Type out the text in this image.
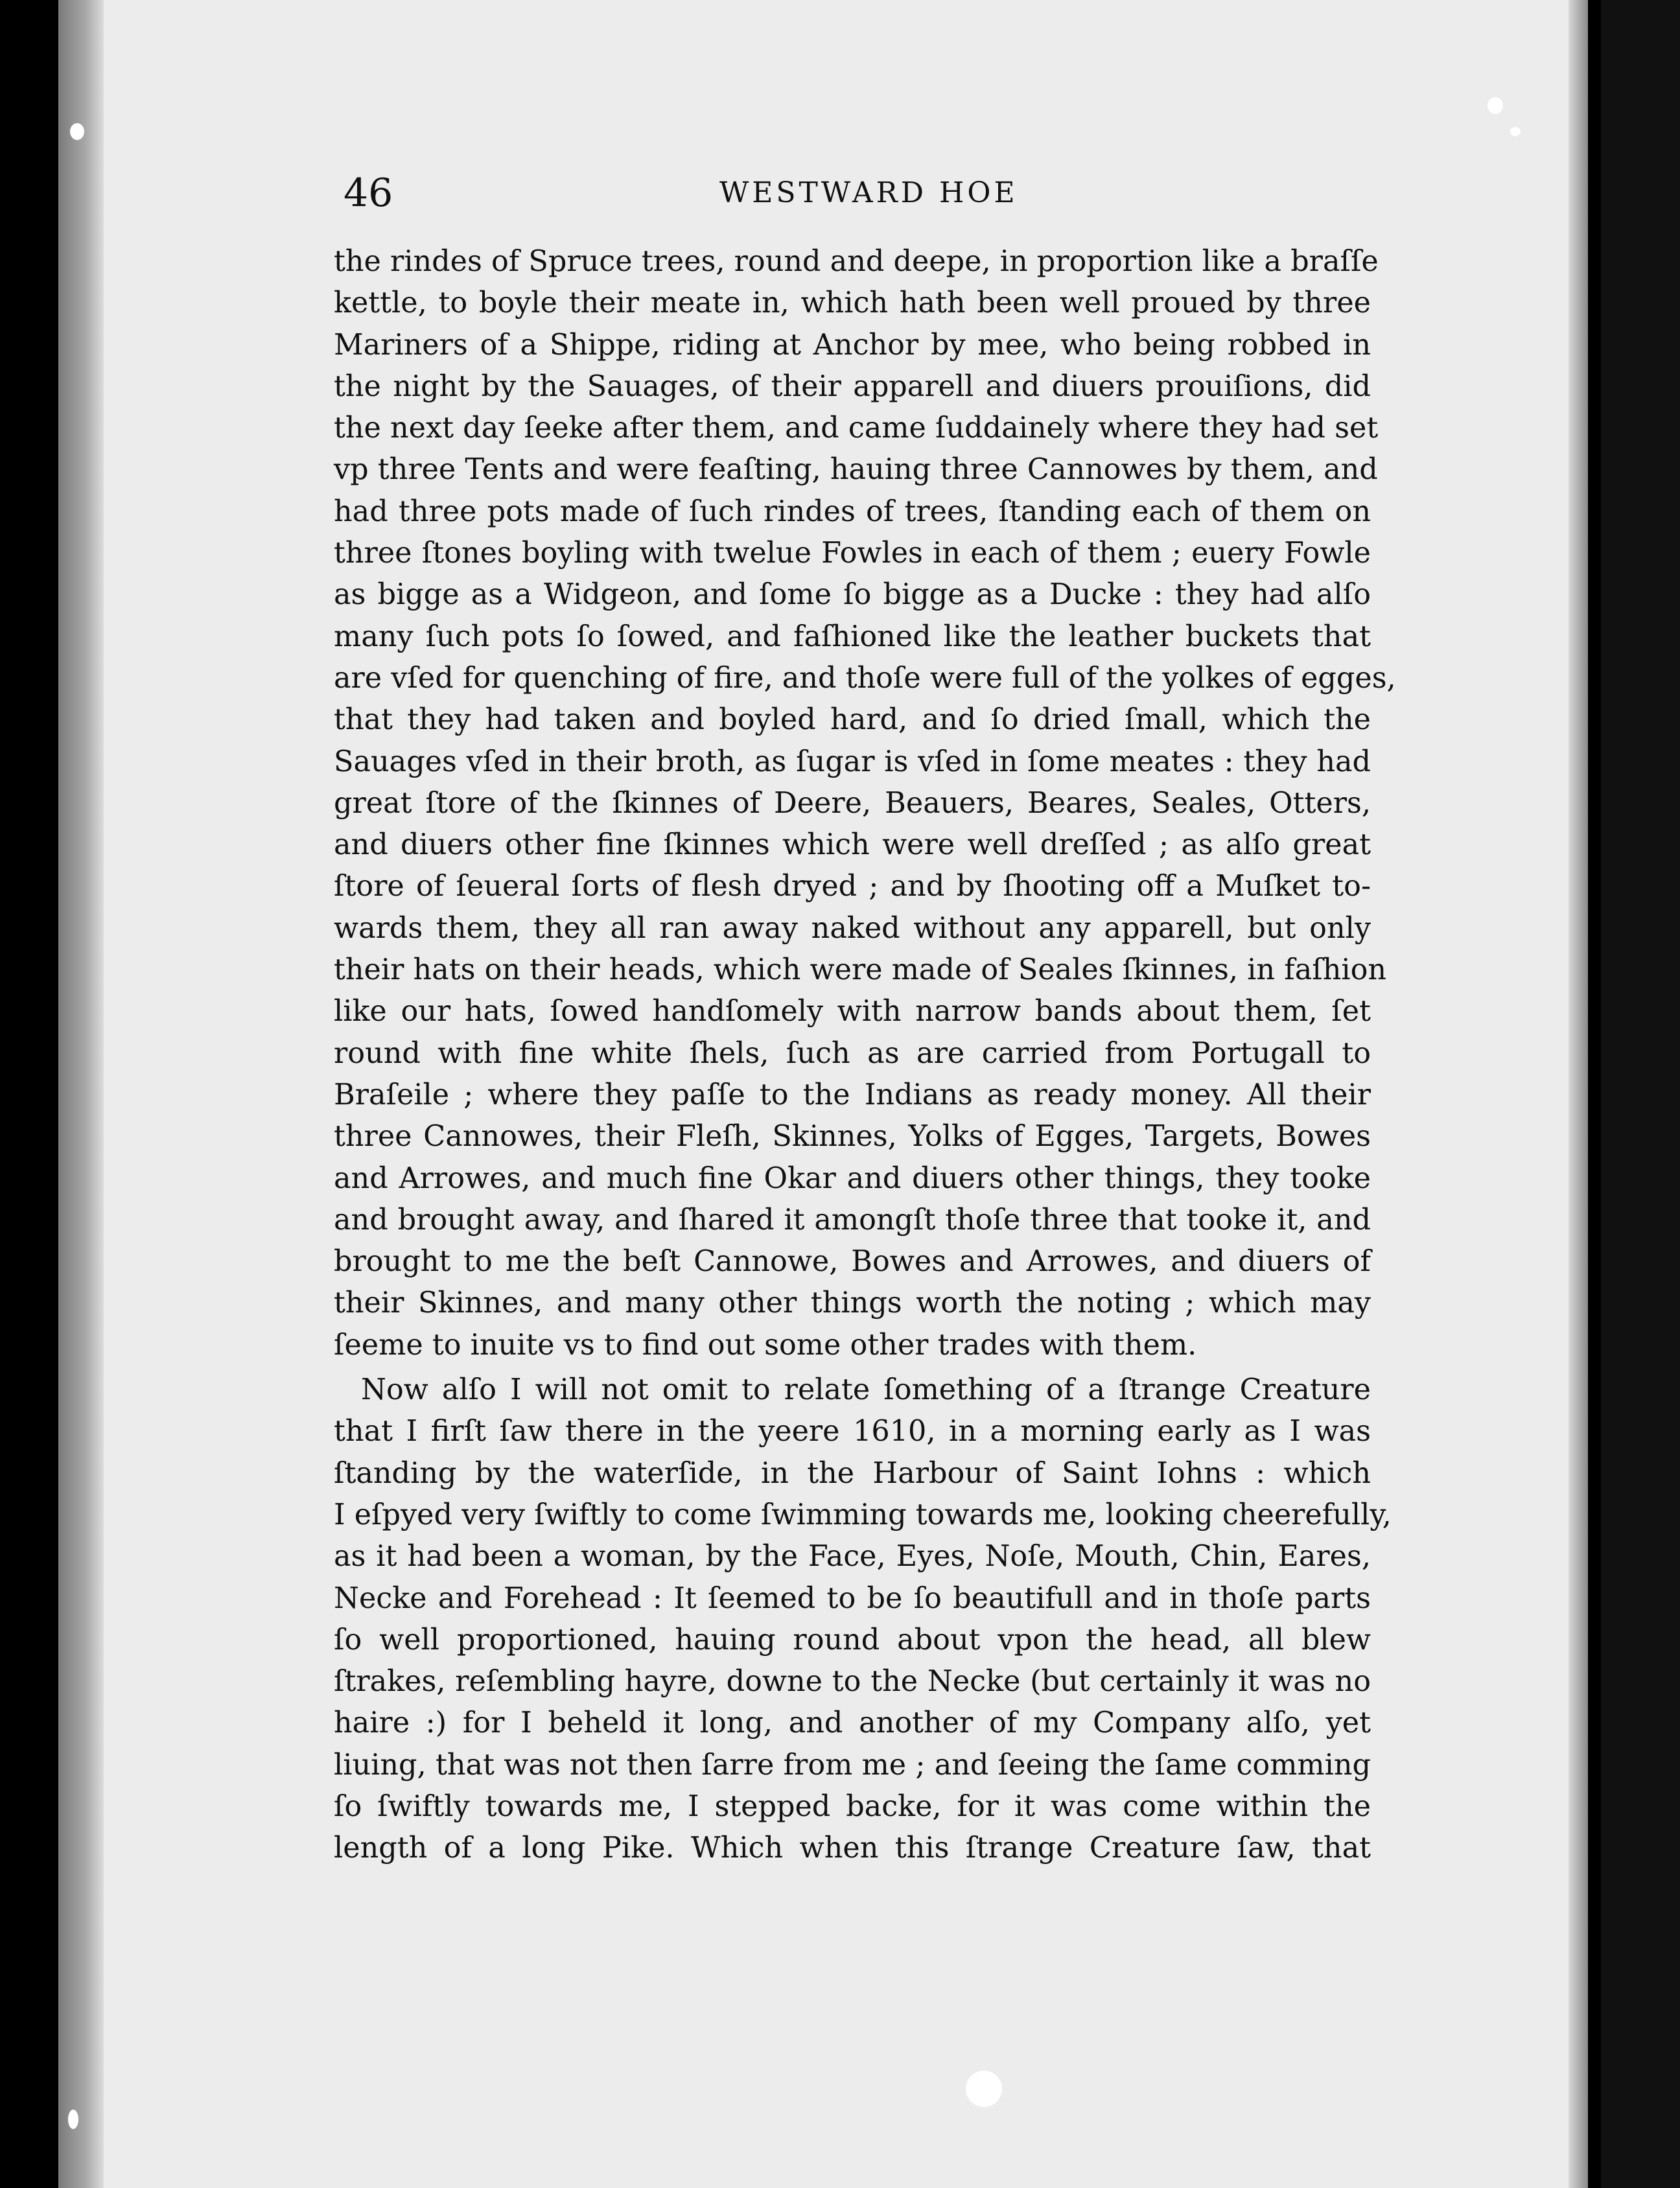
46	WESTWARD HOE
the rindes of Spruce trees, round and deepe, in proportion like a braſſe
kettle, to boyle their meate in, which hath been well proued by three
Mariners of a Shippe, riding at Anchor by mee, who being robbed in
the night by the Sauages, of their apparell and diuers prouiſions, did
the next day ſeeke after them, and came ſuddainely where they had set
vp three Tents and were feaſting, hauing three Cannowes by them, and
had three pots made of ſuch rindes of trees, ſtanding each of them on
three ſtones boyling with twelue Fowles in each of them ; euery Fowle
as bigge as a Widgeon, and ſome ſo bigge as a Ducke : they had alſo
many ſuch pots ſo ſowed, and faſhioned like the leather buckets that
are vſed for quenching of fire, and thoſe were full of the yolkes of egges,
that they had taken and boyled hard, and ſo dried ſmall, which the
Sauages vſed in their broth, as ſugar is vſed in ſome meates : they had
great ſtore of the ſkinnes of Deere, Beauers, Beares, Seales, Otters,
and diuers other fine ſkinnes which were well dreſſed ; as alſo great
ſtore of ſeueral ſorts of flesh dryed ; and by ſhooting off a Muſket to-
wards them, they all ran away naked without any apparell, but only
their hats on their heads, which were made of Seales ſkinnes, in faſhion
like our hats, ſowed handſomely with narrow bands about them, ſet
round with fine white ſhels, ſuch as are carried from Portugall to
Braſeile ; where they paſſe to the Indians as ready money. All their
three Cannowes, their Fleſh, Skinnes, Yolks of Egges, Targets, Bowes
and Arrowes, and much fine Okar and diuers other things, they tooke
and brought away, and ſhared it amongſt thoſe three that tooke it, and
brought to me the beſt Cannowe, Bowes and Arrowes, and diuers of
their Skinnes, and many other things worth the noting ; which may
ſeeme to inuite vs to find out some other trades with them.
Now alſo I will not omit to relate ſomething of a ſtrange Creature
that I firſt ſaw there in the yeere 1610, in a morning early as I was
ſtanding by the waterſide, in the Harbour of Saint Iohns : which
I eſpyed very ſwiftly to come ſwimming towards me, looking cheerefully,
as it had been a woman, by the Face, Eyes, Noſe, Mouth, Chin, Eares,
Necke and Forehead : It ſeemed to be ſo beautifull and in thoſe parts
ſo well proportioned, hauing round about vpon the head, all blew
ſtrakes, reſembling hayre, downe to the Necke (but certainly it was no
haire :) for I beheld it long, and another of my Company alſo, yet
liuing, that was not then ſarre from me ; and ſeeing the ſame comming
ſo ſwiftly towards me, I stepped backe, for it was come within the
length of a long Pike. Which when this ſtrange Creature ſaw, that
